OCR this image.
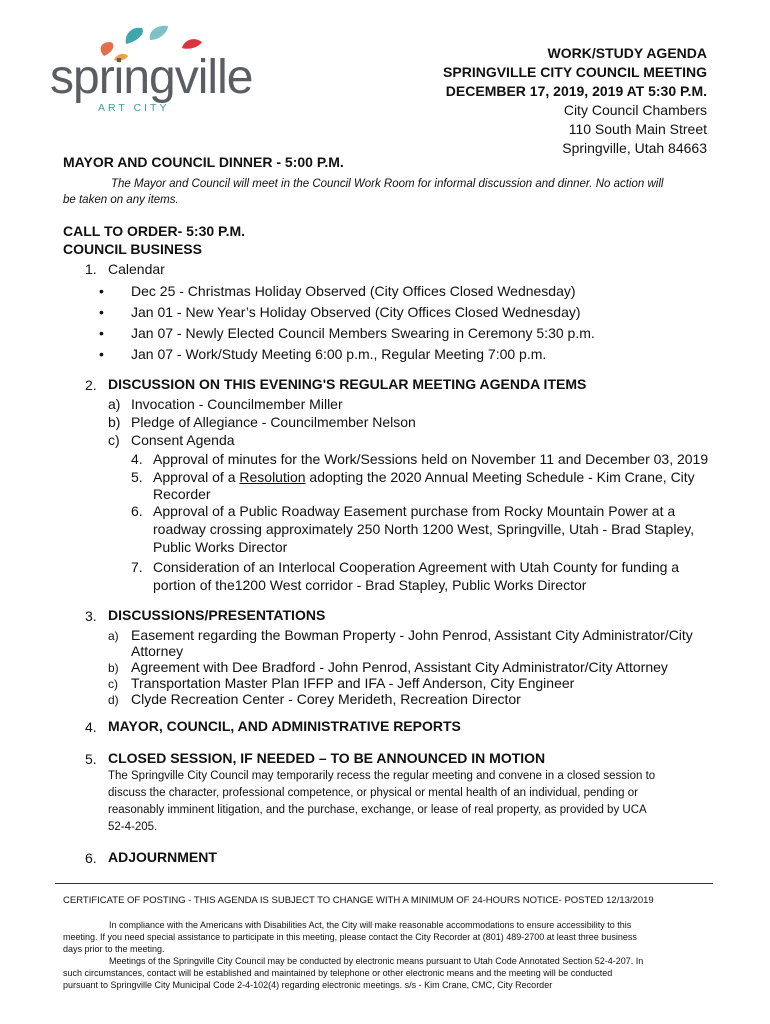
springville
ART CITY
WORK/STUDY AGENDA
SPRINGVILLE CITY COUNCIL MEETING
DECEMBER 17, 2019, 2019 AT 5:30 P.M.
City Council Chambers
110 South Main Street
Springville, Utah 84663
MAYOR AND COUNCIL DINNER - 5:00 P.M.
The Mayor and Council will meet in the Council Work Room for informal discussion and dinner. No action will
be taken on any items.
CALL TO ORDER- 5:30 P.M.
COUNCIL BUSINESS
1. Calendar
• Dec 25 - Christmas Holiday Observed (City Offices Closed Wednesday)
• Jan 01 - New Year’s Holiday Observed (City Offices Closed Wednesday)
• Jan 07 - Newly Elected Council Members Swearing in Ceremony 5:30 p.m.
• Jan 07 - Work/Study Meeting 6:00 p.m., Regular Meeting 7:00 p.m.
2. DISCUSSION ON THIS EVENING'S REGULAR MEETING AGENDA ITEMS
a) Invocation - Councilmember Miller
b) Pledge of Allegiance - Councilmember Nelson
c) Consent Agenda
4. Approval of minutes for the Work/Sessions held on November 11 and December 03, 2019
5. Approval of a Resolution adopting the 2020 Annual Meeting Schedule - Kim Crane, City
Recorder
6. Approval of a Public Roadway Easement purchase from Rocky Mountain Power at a
roadway crossing approximately 250 North 1200 West, Springville, Utah - Brad Stapley,
Public Works Director
7. Consideration of an Interlocal Cooperation Agreement with Utah County for funding a
portion of the1200 West corridor - Brad Stapley, Public Works Director
3. DISCUSSIONS/PRESENTATIONS
a) Easement regarding the Bowman Property - John Penrod, Assistant City Administrator/City
Attorney
b) Agreement with Dee Bradford - John Penrod, Assistant City Administrator/City Attorney
c) Transportation Master Plan IFFP and IFA - Jeff Anderson, City Engineer
d) Clyde Recreation Center - Corey Merideth, Recreation Director
4. MAYOR, COUNCIL, AND ADMINISTRATIVE REPORTS
5. CLOSED SESSION, IF NEEDED – TO BE ANNOUNCED IN MOTION
The Springville City Council may temporarily recess the regular meeting and convene in a closed session to
discuss the character, professional competence, or physical or mental health of an individual, pending or
reasonably imminent litigation, and the purchase, exchange, or lease of real property, as provided by UCA
52-4-205.
6. ADJOURNMENT
CERTIFICATE OF POSTING - THIS AGENDA IS SUBJECT TO CHANGE WITH A MINIMUM OF 24-HOURS NOTICE- POSTED 12/13/2019
In compliance with the Americans with Disabilities Act, the City will make reasonable accommodations to ensure accessibility to this
meeting. If you need special assistance to participate in this meeting, please contact the City Recorder at (801) 489-2700 at least three business
days prior to the meeting.
Meetings of the Springville City Council may be conducted by electronic means pursuant to Utah Code Annotated Section 52-4-207. In
such circumstances, contact will be established and maintained by telephone or other electronic means and the meeting will be conducted
pursuant to Springville City Municipal Code 2-4-102(4) regarding electronic meetings. s/s - Kim Crane, CMC, City Recorder
